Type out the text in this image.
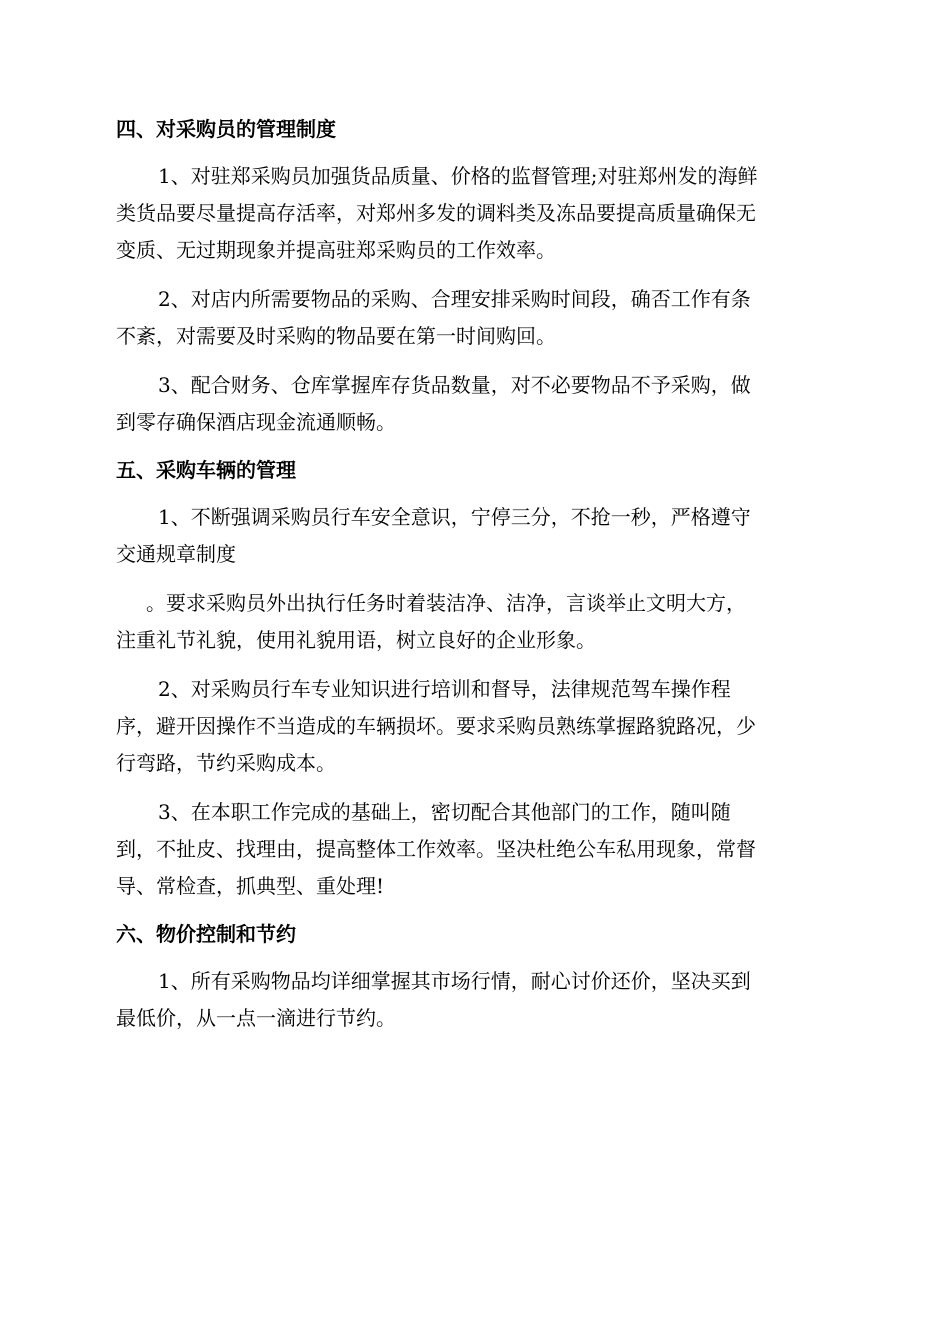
四、对采购员的管理制度

1、对驻郑采购员加强货品质量、价格的监督管理;对驻郑州发的海鲜
类货品要尽量提高存活率，对郑州多发的调料类及冻品要提高质量确保无
变质、无过期现象并提高驻郑采购员的工作效率。

2、对店内所需要物品的采购、合理安排采购时间段，确否工作有条
不紊，对需要及时采购的物品要在第一时间购回。

3、配合财务、仓库掌握库存货品数量，对不必要物品不予采购，做
到零存确保酒店现金流通顺畅。

五、采购车辆的管理

1、不断强调采购员行车安全意识，宁停三分，不抢一秒，严格遵守
交通规章制度

。要求采购员外出执行任务时着装洁净、洁净，言谈举止文明大方，
注重礼节礼貌，使用礼貌用语，树立良好的企业形象。

2、对采购员行车专业知识进行培训和督导，法律规范驾车操作程
序，避开因操作不当造成的车辆损坏。要求采购员熟练掌握路貌路况，少
行弯路，节约采购成本。

3、在本职工作完成的基础上，密切配合其他部门的工作，随叫随
到，不扯皮、找理由，提高整体工作效率。坚决杜绝公车私用现象，常督
导、常检查，抓典型、重处理!

六、物价控制和节约

1、所有采购物品均详细掌握其市场行情，耐心讨价还价，坚决买到
最低价，从一点一滴进行节约。
